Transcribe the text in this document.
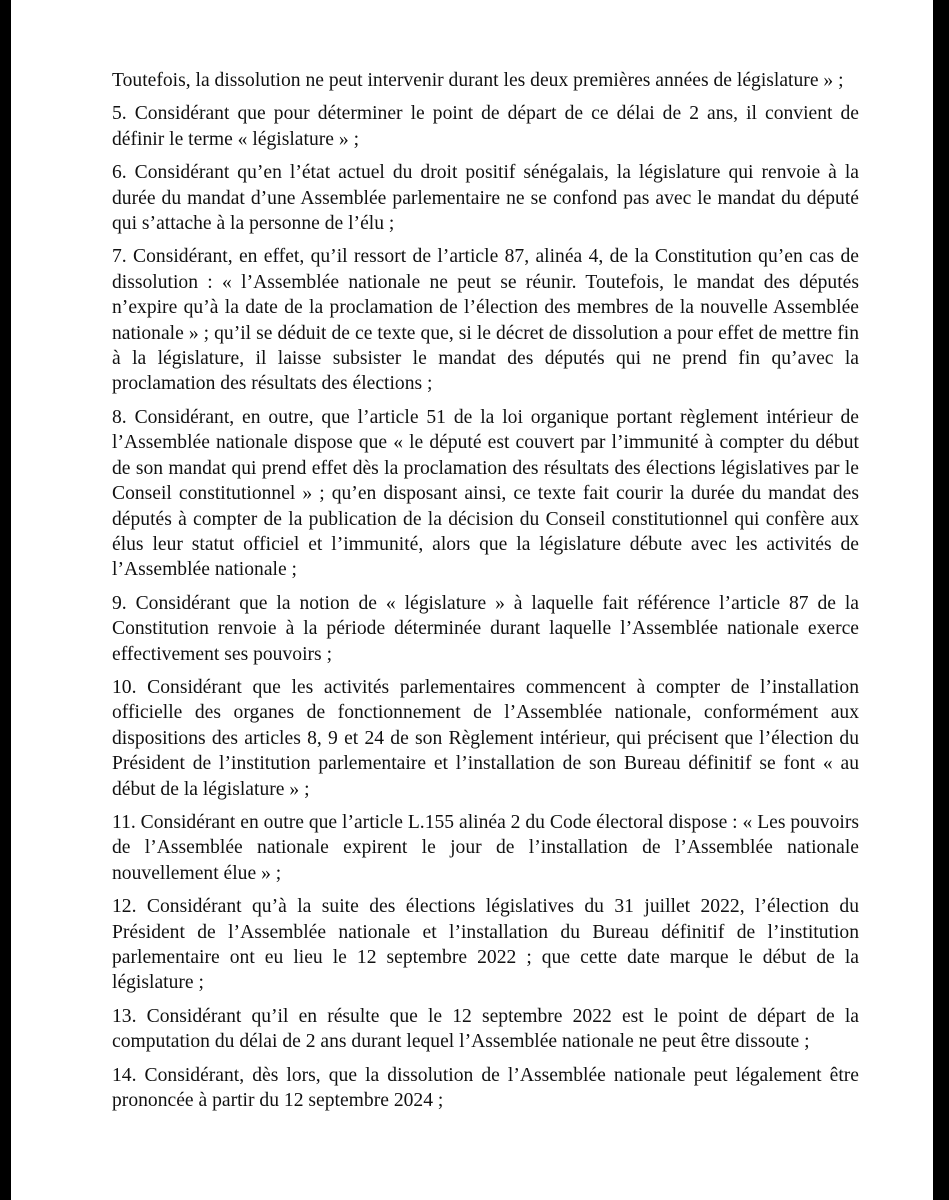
Toutefois, la dissolution ne peut intervenir durant les deux premières années de législature » ;

5. Considérant que pour déterminer le point de départ de ce délai de 2 ans, il convient de définir le terme « législature » ;

6. Considérant qu’en l’état actuel du droit positif sénégalais, la législature qui renvoie à la durée du mandat d’une Assemblée parlementaire ne se confond pas avec le mandat du député qui s’attache à la personne de l’élu ;

7. Considérant, en effet, qu’il ressort de l’article 87, alinéa 4, de la Constitution qu’en cas de dissolution : « l’Assemblée nationale ne peut se réunir. Toutefois, le mandat des députés n’expire qu’à la date de la proclamation de l’élection des membres de la nouvelle Assemblée nationale » ; qu’il se déduit de ce texte que, si le décret de dissolution a pour effet de mettre fin à la législature, il laisse subsister le mandat des députés qui ne prend fin qu’avec la proclamation des résultats des élections ;

8. Considérant, en outre, que l’article 51 de la loi organique portant règlement intérieur de l’Assemblée nationale dispose que « le député est couvert par l’immunité à compter du début de son mandat qui prend effet dès la proclamation des résultats des élections législatives par le Conseil constitutionnel » ; qu’en disposant ainsi, ce texte fait courir la durée du mandat des députés à compter de la publication de la décision du Conseil constitutionnel qui confère aux élus leur statut officiel et l’immunité, alors que la législature débute avec les activités de l’Assemblée nationale ;

9. Considérant que la notion de « législature » à laquelle fait référence l’article 87 de la Constitution renvoie à la période déterminée durant laquelle l’Assemblée nationale exerce effectivement ses pouvoirs ;

10. Considérant que les activités parlementaires commencent à compter de l’installation officielle des organes de fonctionnement de l’Assemblée nationale, conformément aux dispositions des articles 8, 9 et 24 de son Règlement intérieur, qui précisent que l’élection du Président de l’institution parlementaire et l’installation de son Bureau définitif se font « au début de la législature » ;

11. Considérant en outre que l’article L.155 alinéa 2 du Code électoral dispose : « Les pouvoirs de l’Assemblée nationale expirent le jour de l’installation de l’Assemblée nationale nouvellement élue » ;

12. Considérant qu’à la suite des élections législatives du 31 juillet 2022, l’élection du Président de l’Assemblée nationale et l’installation du Bureau définitif de l’institution parlementaire ont eu lieu le 12 septembre 2022 ; que cette date marque le début de la législature ;

13. Considérant qu’il en résulte que le 12 septembre 2022 est le point de départ de la computation du délai de 2 ans durant lequel l’Assemblée nationale ne peut être dissoute ;

14. Considérant, dès lors, que la dissolution de l’Assemblée nationale peut légalement être prononcée à partir du 12 septembre 2024 ;
